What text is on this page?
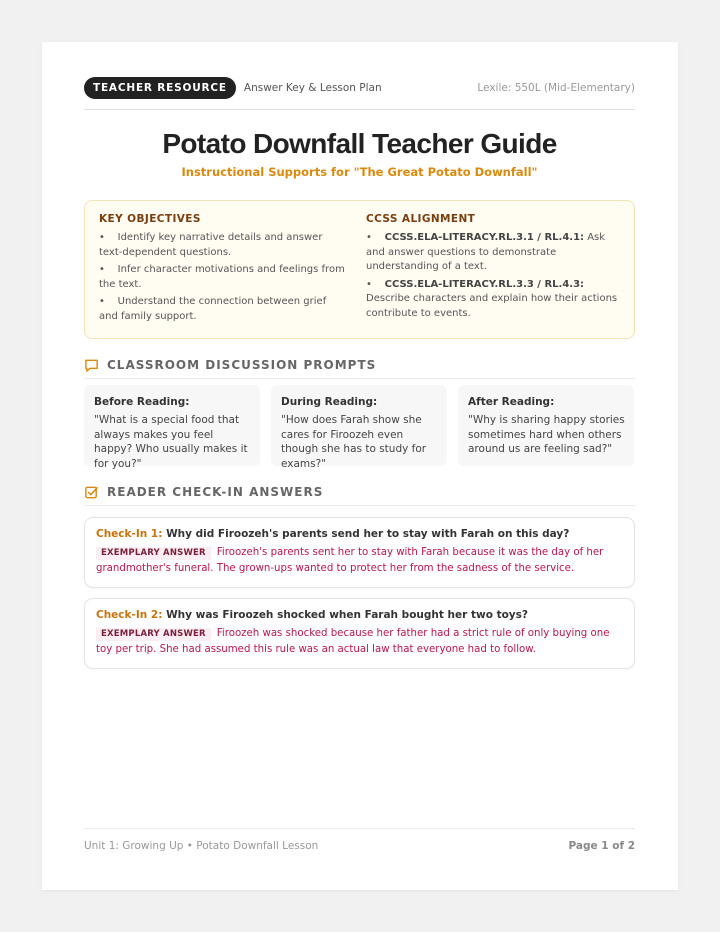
TEACHER RESOURCE	Answer Key & Lesson Plan	Lexile: 550L (Mid-Elementary)
Potato Downfall Teacher Guide
Instructional Supports for "The Great Potato Downfall"
KEY OBJECTIVES
•    Identify key narrative details and answer text-dependent questions.
•    Infer character motivations and feelings from the text.
•    Understand the connection between grief and family support.
CCSS ALIGNMENT
•    CCSS.ELA-LITERACY.RL.3.1 / RL.4.1: Ask and answer questions to demonstrate understanding of a text.
•    CCSS.ELA-LITERACY.RL.3.3 / RL.4.3: Describe characters and explain how their actions contribute to events.
CLASSROOM DISCUSSION PROMPTS
Before Reading:
"What is a special food that always makes you feel happy? Who usually makes it for you?"
During Reading:
"How does Farah show she cares for Firoozeh even though she has to study for exams?"
After Reading:
"Why is sharing happy stories sometimes hard when others around us are feeling sad?"
READER CHECK-IN ANSWERS
Check-In 1: Why did Firoozeh's parents send her to stay with Farah on this day?
EXEMPLARY ANSWER Firoozeh's parents sent her to stay with Farah because it was the day of her grandmother's funeral. The grown-ups wanted to protect her from the sadness of the service.
Check-In 2: Why was Firoozeh shocked when Farah bought her two toys?
EXEMPLARY ANSWER Firoozeh was shocked because her father had a strict rule of only buying one toy per trip. She had assumed this rule was an actual law that everyone had to follow.
Unit 1: Growing Up • Potato Downfall Lesson	Page 1 of 2
